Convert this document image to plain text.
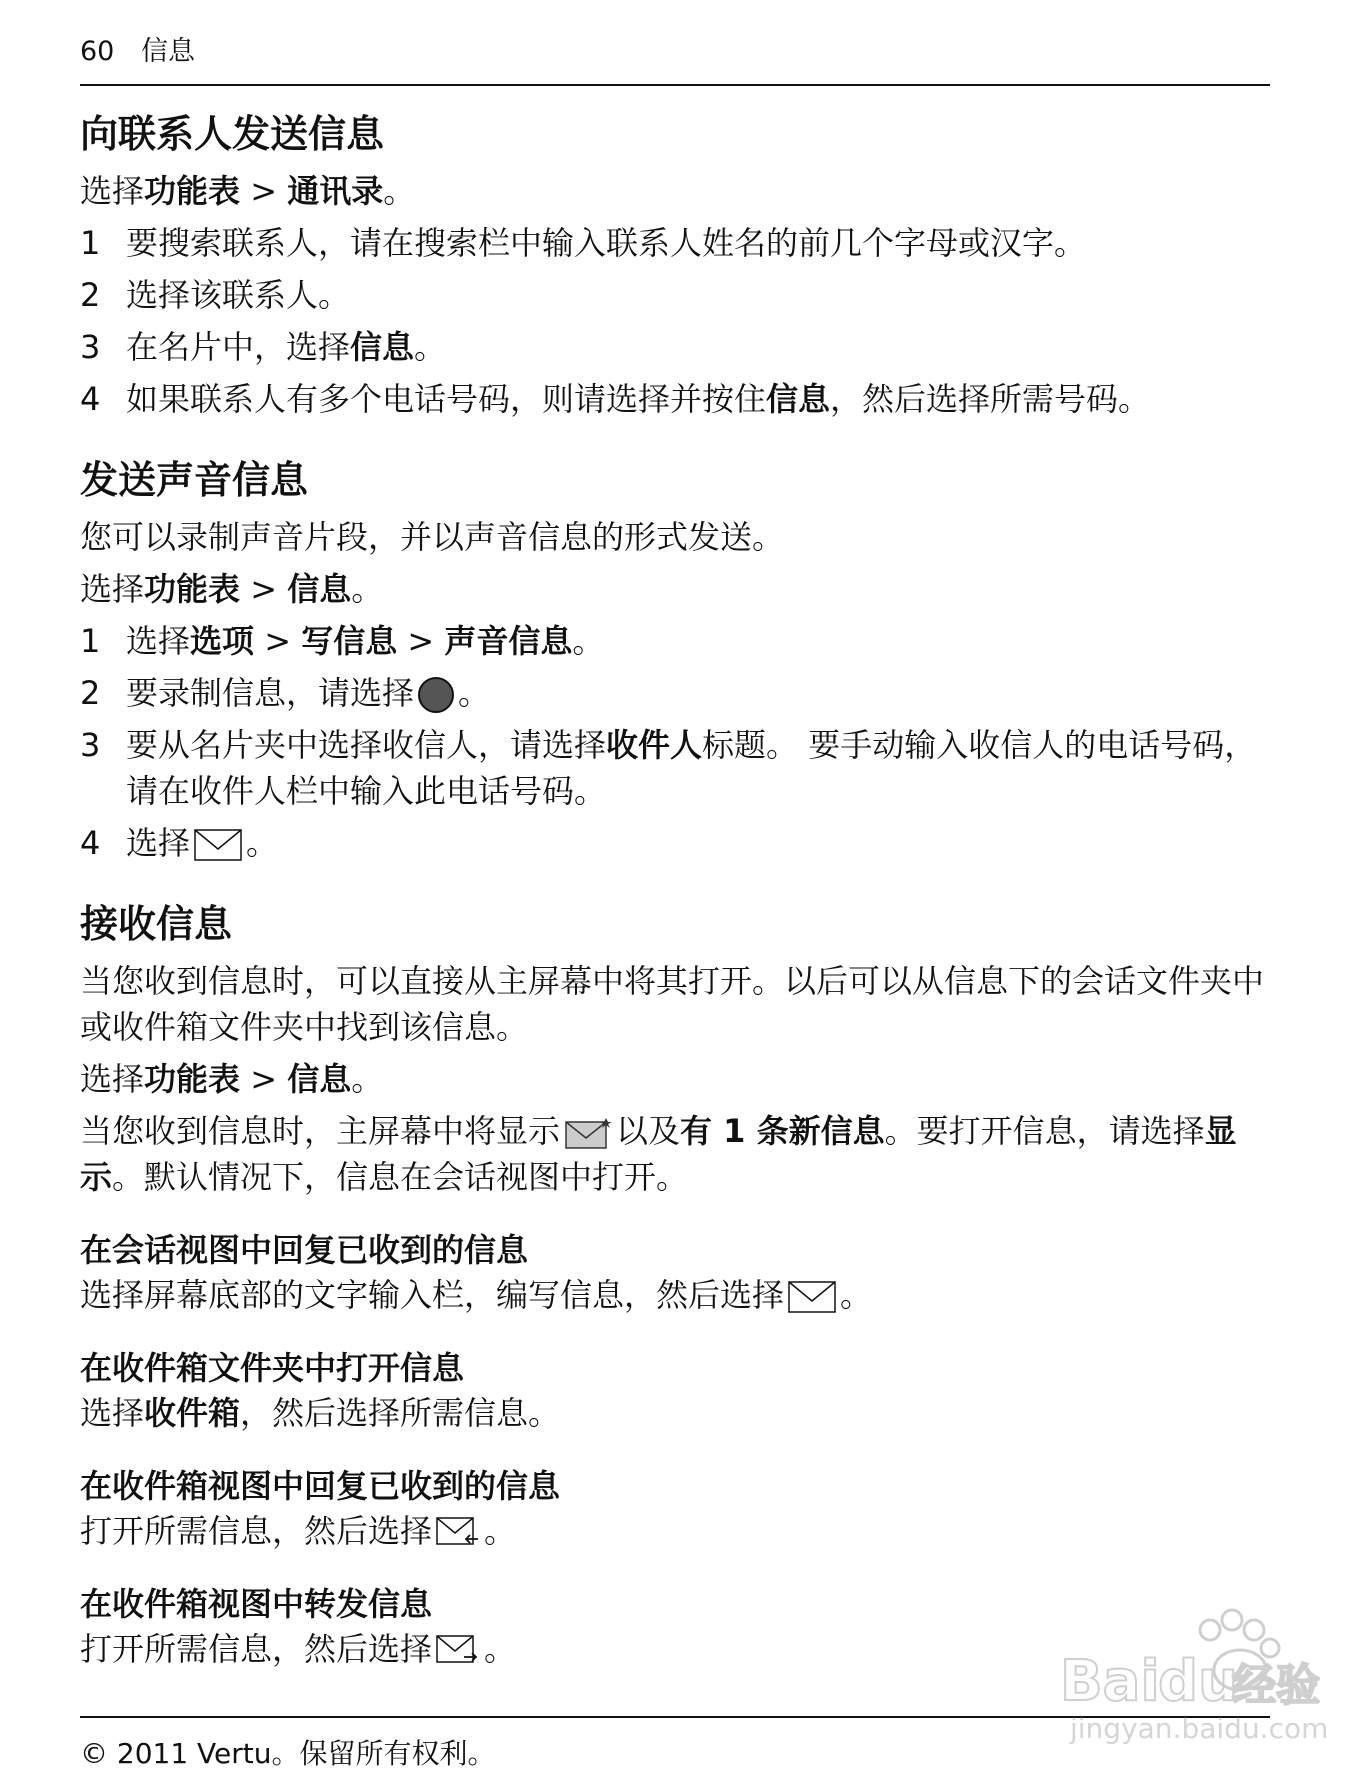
60 信息
向联系人发送信息

选择功能表 > 通讯录。

1 要搜索联系人，请在搜索栏中输入联系人姓名的前几个字母或汉字。
2 选择该联系人。
3 在名片中，选择信息。
4 如果联系人有多个电话号码，则请选择并按住信息，然后选择所需号码。
发送声音信息

您可以录制声音片段，并以声音信息的形式发送。

选择功能表 > 信息。

1 选择选项 > 写信息 > 声音信息。
2 要录制信息，请选择 。
3 要从名片夹中选择收信人，请选择收件人标题。 要手动输入收信人的电话号码，请在收件人栏中输入此电话号码。
4 选择 。
接收信息

当您收到信息时，可以直接从主屏幕中将其打开。以后可以从信息下的会话文件夹中或收件箱文件夹中找到该信息。

选择功能表 > 信息。

当您收到信息时，主屏幕中将显示 以及有 1 条新信息。要打开信息，请选择显示。默认情况下，信息在会话视图中打开。

在会话视图中回复已收到的信息

选择屏幕底部的文字输入栏，编写信息，然后选择 。

在收件箱文件夹中打开信息

选择收件箱，然后选择所需信息。

在收件箱视图中回复已收到的信息

打开所需信息，然后选择 。

在收件箱视图中转发信息

打开所需信息，然后选择 。

© 2011 Vertu。保留所有权利。
Bai
du
经验
jingyan.baidu.com
